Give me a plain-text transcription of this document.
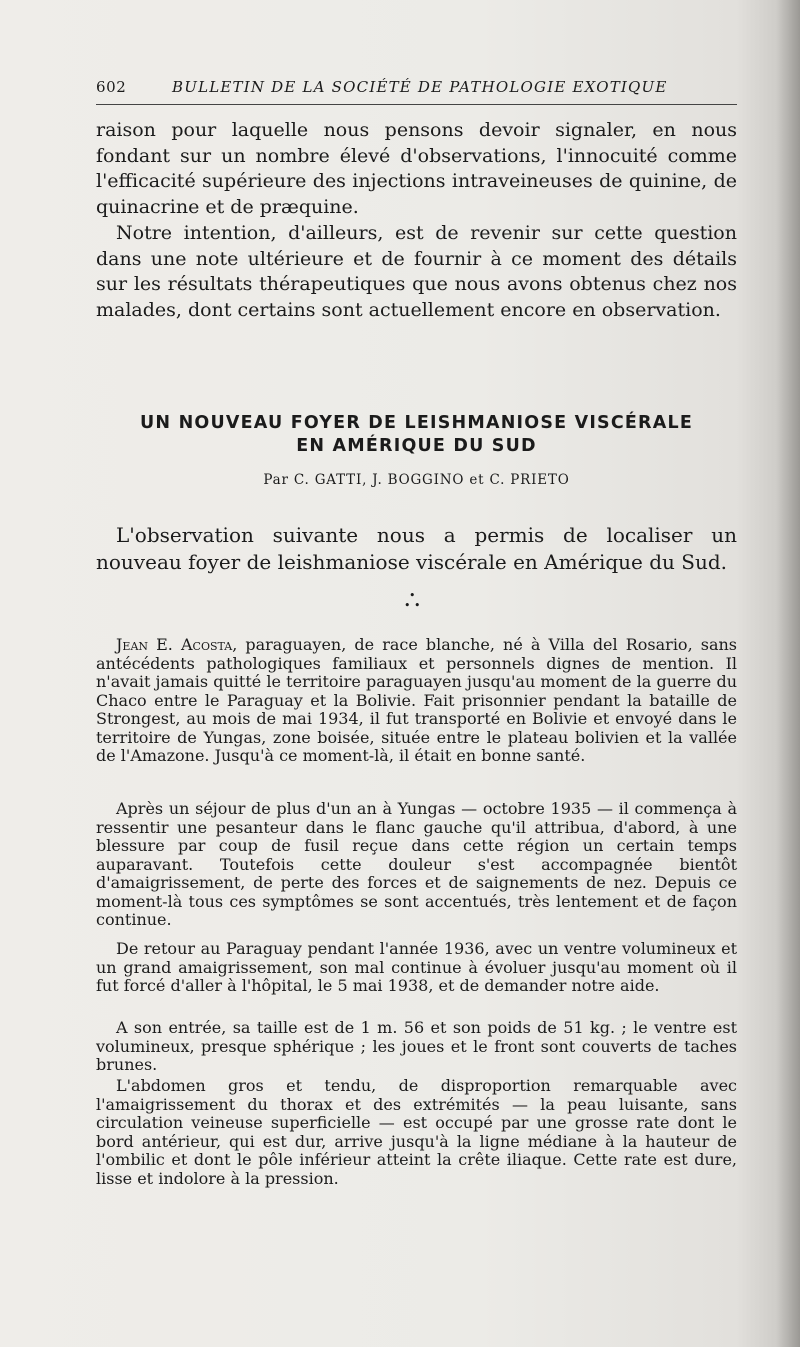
602	BULLETIN DE LA SOCIÉTÉ DE PATHOLOGIE EXOTIQUE

raison pour laquelle nous pensons devoir signaler, en nous fondant sur un nombre élevé d'observations, l'innocuité comme l'efficacité supérieure des injections intraveineuses de quinine, de quinacrine et de præquine.

Notre intention, d'ailleurs, est de revenir sur cette question dans une note ultérieure et de fournir à ce moment des détails sur les résultats thérapeutiques que nous avons obtenus chez nos malades, dont certains sont actuellement encore en observation.

UN NOUVEAU FOYER DE LEISHMANIOSE VISCÉRALE
EN AMÉRIQUE DU SUD
Par C. GATTI, J. BOGGINO et C. PRIETO

L'observation suivante nous a permis de localiser un nouveau foyer de leishmaniose viscérale en Amérique du Sud.

•
• •

Jean E. Acosta, paraguayen, de race blanche, né à Villa del Rosario, sans antécédents pathologiques familiaux et personnels dignes de mention. Il n'avait jamais quitté le territoire paraguayen jusqu'au moment de la guerre du Chaco entre le Paraguay et la Bolivie. Fait prisonnier pendant la bataille de Strongest, au mois de mai 1934, il fut transporté en Bolivie et envoyé dans le territoire de Yungas, zone boisée, située entre le plateau bolivien et la vallée de l'Amazone. Jusqu'à ce moment-là, il était en bonne santé.

Après un séjour de plus d'un an à Yungas — octobre 1935 — il commença à ressentir une pesanteur dans le flanc gauche qu'il attribua, d'abord, à une blessure par coup de fusil reçue dans cette région un certain temps auparavant. Toutefois cette douleur s'est accompagnée bientôt d'amaigrissement, de perte des forces et de saignements de nez. Depuis ce moment-là tous ces symptômes se sont accentués, très lentement et de façon continue.

De retour au Paraguay pendant l'année 1936, avec un ventre volumineux et un grand amaigrissement, son mal continue à évoluer jusqu'au moment où il fut forcé d'aller à l'hôpital, le 5 mai 1938, et de demander notre aide.

A son entrée, sa taille est de 1 m. 56 et son poids de 51 kg. ; le ventre est volumineux, presque sphérique ; les joues et le front sont couverts de taches brunes.

L'abdomen gros et tendu, de disproportion remarquable avec l'amaigrissement du thorax et des extrémités — la peau luisante, sans circulation veineuse superficielle — est occupé par une grosse rate dont le bord antérieur, qui est dur, arrive jusqu'à la ligne médiane à la hauteur de l'ombilic et dont le pôle inférieur atteint la crête iliaque. Cette rate est dure, lisse et indolore à la pression.
